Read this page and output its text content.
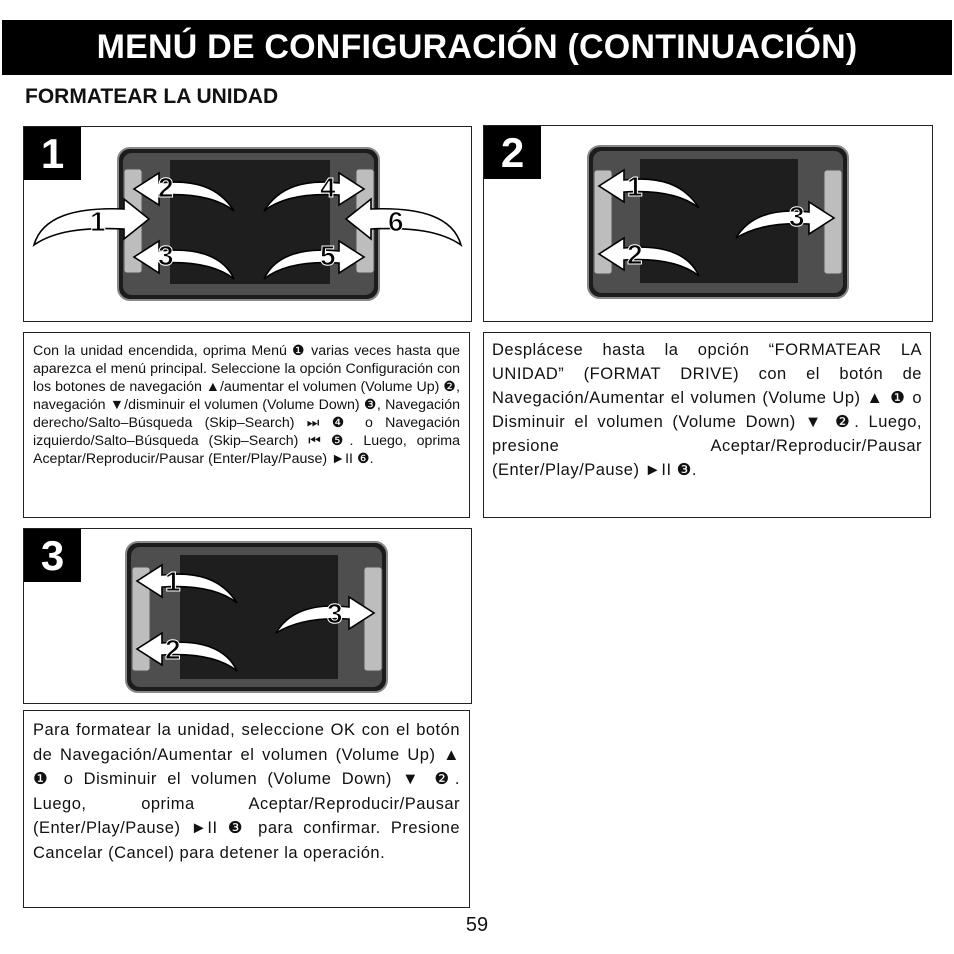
MENÚ DE CONFIGURACIÓN (CONTINUACIÓN)
FORMATEAR LA UNIDAD
1
1
2
3
4
5
6
2
1
2
3
Con la unidad encendida, oprima Menú ❶ varias veces hasta que aparezca el menú principal. Seleccione la opción Configuración con los botones de navegación ▲/aumentar el volumen (Volume Up) ❷, navegación ▼/disminuir el volumen (Volume Down) ❸, Navegación derecho/Salto–Búsqueda (Skip–Search) ⏭ ❹ o Navegación izquierdo/Salto–Búsqueda (Skip–Search) ⏮ ❺. Luego, oprima Aceptar/Reproducir/Pausar (Enter/Play/Pause) ►II ❻.
Desplácese hasta la opción “FORMATEAR LA UNIDAD” (FORMAT DRIVE) con el botón de Navegación/Aumentar el volumen (Volume Up) ▲ ❶ o Disminuir el volumen (Volume Down) ▼ ❷. Luego, presione Aceptar/Reproducir/Pausar (Enter/Play/Pause) ►II ❸.
3
1
2
3
Para formatear la unidad, seleccione OK con el botón de Navegación/Aumentar el volumen (Volume Up) ▲ ❶ o Disminuir el volumen (Volume Down) ▼ ❷. Luego, oprima Aceptar/Reproducir/Pausar (Enter/Play/Pause) ►II ❸ para confirmar. Presione Cancelar (Cancel) para detener la operación.
59
